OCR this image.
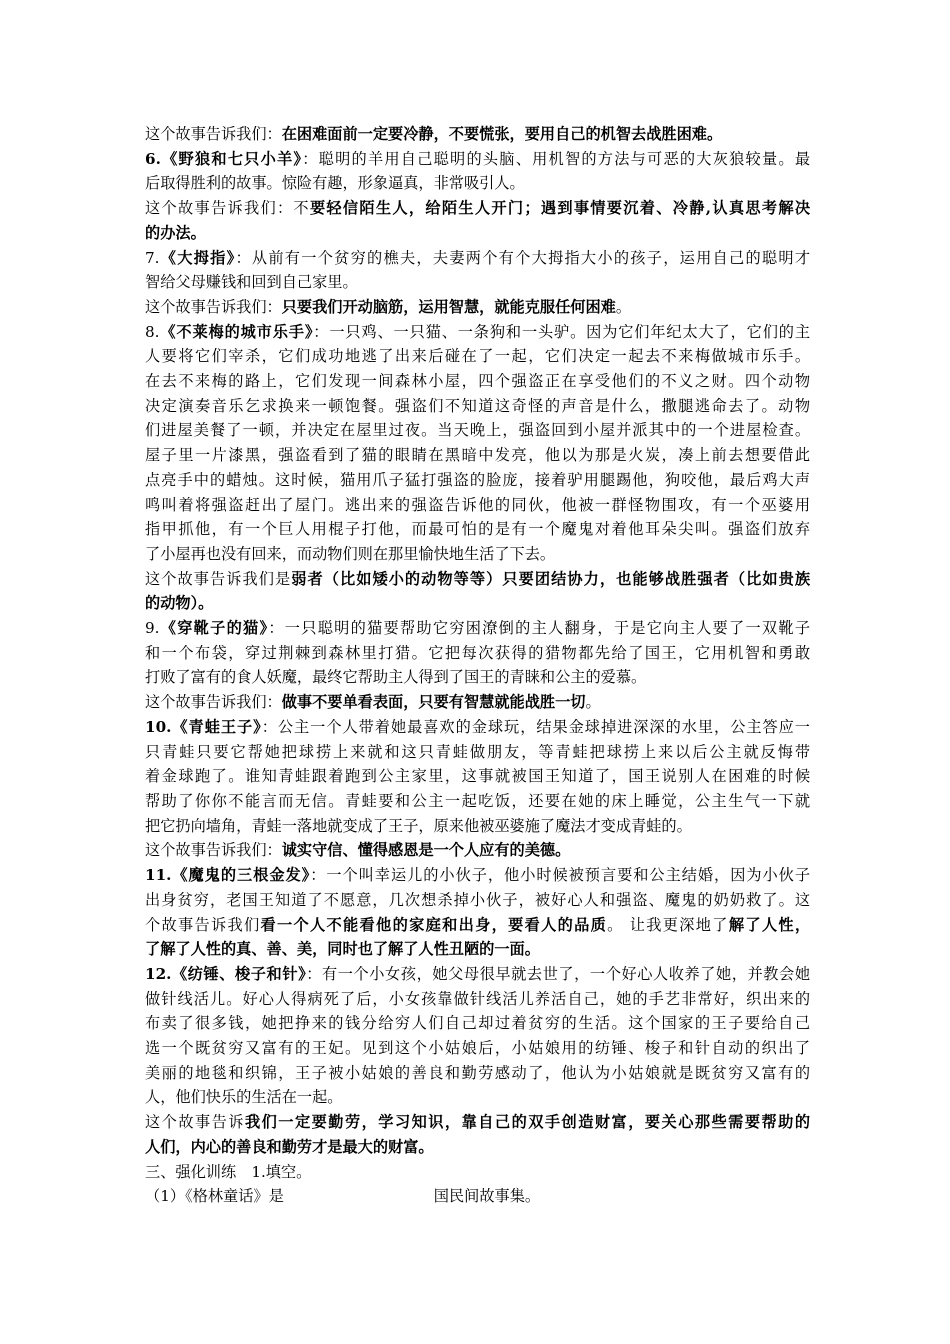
这个故事告诉我们：在困难面前一定要冷静，不要慌张，要用自己的机智去战胜困难。
6.《野狼和七只小羊》：聪明的羊用自己聪明的头脑、用机智的方法与可恶的大灰狼较量。最
后取得胜利的故事。惊险有趣，形象逼真，非常吸引人。
这个故事告诉我们：不要轻信陌生人，给陌生人开门；遇到事情要沉着、冷静,认真思考解决
的办法。
7.《大拇指》：从前有一个贫穷的樵夫，夫妻两个有个大拇指大小的孩子，运用自己的聪明才
智给父母赚钱和回到自己家里。
这个故事告诉我们：只要我们开动脑筋，运用智慧，就能克服任何困难。
8.《不莱梅的城市乐手》：一只鸡、一只猫、一条狗和一头驴。因为它们年纪太大了，它们的主
人要将它们宰杀，它们成功地逃了出来后碰在了一起，它们决定一起去不来梅做城市乐手。
在去不来梅的路上，它们发现一间森林小屋，四个强盗正在享受他们的不义之财。四个动物
决定演奏音乐乞求换来一顿饱餐。强盗们不知道这奇怪的声音是什么，撒腿逃命去了。动物
们进屋美餐了一顿，并决定在屋里过夜。当天晚上，强盗回到小屋并派其中的一个进屋检查。
屋子里一片漆黑，强盗看到了猫的眼睛在黑暗中发亮，他以为那是火炭，凑上前去想要借此
点亮手中的蜡烛。这时候，猫用爪子猛打强盗的脸庞，接着驴用腿踢他，狗咬他，最后鸡大声
鸣叫着将强盗赶出了屋门。逃出来的强盗告诉他的同伙，他被一群怪物围攻，有一个巫婆用
指甲抓他，有一个巨人用棍子打他，而最可怕的是有一个魔鬼对着他耳朵尖叫。强盗们放弃
了小屋再也没有回来，而动物们则在那里愉快地生活了下去。
这个故事告诉我们是弱者（比如矮小的动物等等）只要团结协力，也能够战胜强者（比如贵族
的动物）。
9.《穿靴子的猫》：一只聪明的猫要帮助它穷困潦倒的主人翻身，于是它向主人要了一双靴子
和一个布袋，穿过荆棘到森林里打猎。它把每次获得的猎物都先给了国王，它用机智和勇敢
打败了富有的食人妖魔，最终它帮助主人得到了国王的青睐和公主的爱慕。
这个故事告诉我们：做事不要单看表面，只要有智慧就能战胜一切。
10.《青蛙王子》：公主一个人带着她最喜欢的金球玩，结果金球掉进深深的水里，公主答应一
只青蛙只要它帮她把球捞上来就和这只青蛙做朋友，等青蛙把球捞上来以后公主就反悔带
着金球跑了。谁知青蛙跟着跑到公主家里，这事就被国王知道了，国王说别人在困难的时候
帮助了你你不能言而无信。青蛙要和公主一起吃饭，还要在她的床上睡觉，公主生气一下就
把它扔向墙角，青蛙一落地就变成了王子，原来他被巫婆施了魔法才变成青蛙的。
这个故事告诉我们：诚实守信、懂得感恩是一个人应有的美德。
11.《魔鬼的三根金发》：一个叫幸运儿的小伙子，他小时候被预言要和公主结婚，因为小伙子
出身贫穷，老国王知道了不愿意，几次想杀掉小伙子，被好心人和强盗、魔鬼的奶奶救了。这
个故事告诉我们看一个人不能看他的家庭和出身，要看人的品质。 让我更深地了解了人性，
了解了人性的真、善、美，同时也了解了人性丑陋的一面。
12.《纺锤、梭子和针》：有一个小女孩，她父母很早就去世了，一个好心人收养了她，并教会她
做针线活儿。好心人得病死了后，小女孩靠做针线活儿养活自己，她的手艺非常好，织出来的
布卖了很多钱，她把挣来的钱分给穷人们自己却过着贫穷的生活。这个国家的王子要给自己
选一个既贫穷又富有的王妃。见到这个小姑娘后，小姑娘用的纺锤、梭子和针自动的织出了
美丽的地毯和织锦，王子被小姑娘的善良和勤劳感动了，他认为小姑娘就是既贫穷又富有的
人，他们快乐的生活在一起。
这个故事告诉我们一定要勤劳，学习知识，靠自己的双手创造财富，要关心那些需要帮助的
人们，内心的善良和勤劳才是最大的财富。
三、强化训练　1.填空。
（1）《格林童话》是	国民间故事集。
